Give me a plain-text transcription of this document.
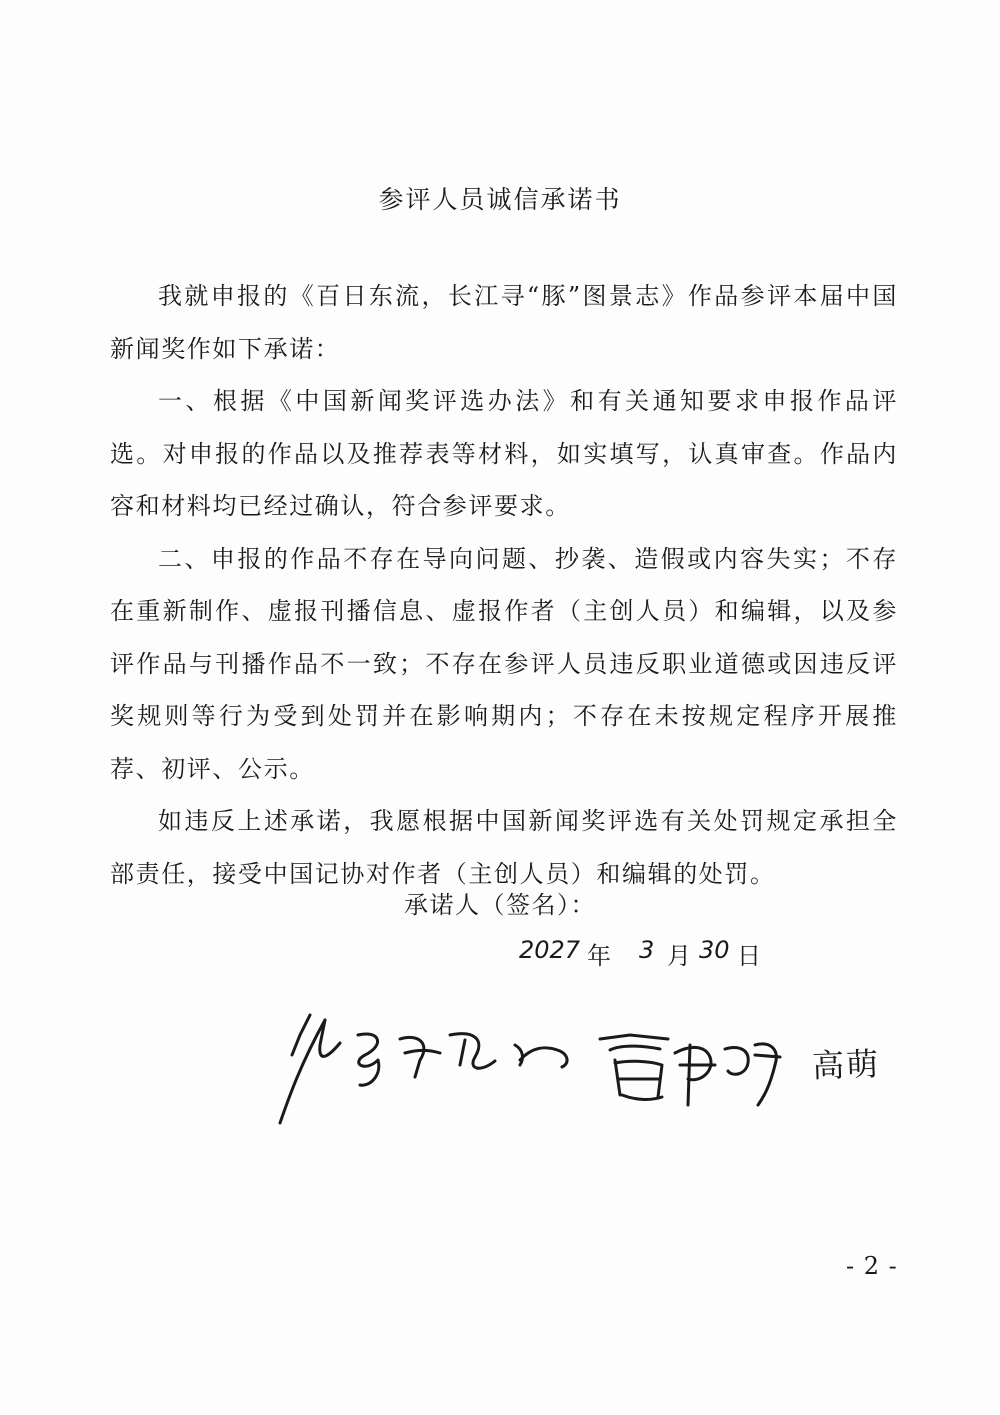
参评人员诚信承诺书

我就申报的《百日东流，长江寻“豚”图景志》作品参评本届中国新闻奖作如下承诺：

一、根据《中国新闻奖评选办法》和有关通知要求申报作品评选。对申报的作品以及推荐表等材料，如实填写，认真审查。作品内容和材料均已经过确认，符合参评要求。

二、申报的作品不存在导向问题、抄袭、造假或内容失实；不存在重新制作、虚报刊播信息、虚报作者（主创人员）和编辑，以及参评作品与刊播作品不一致；不存在参评人员违反职业道德或因违反评奖规则等行为受到处罚并在影响期内；不存在未按规定程序开展推荐、初评、公示。

如违反上述承诺，我愿根据中国新闻奖评选有关处罚规定承担全部责任，接受中国记协对作者（主创人员）和编辑的处罚。

承诺人（签名）：
2027 年 3 月 30 日
高萌
- 2 -
